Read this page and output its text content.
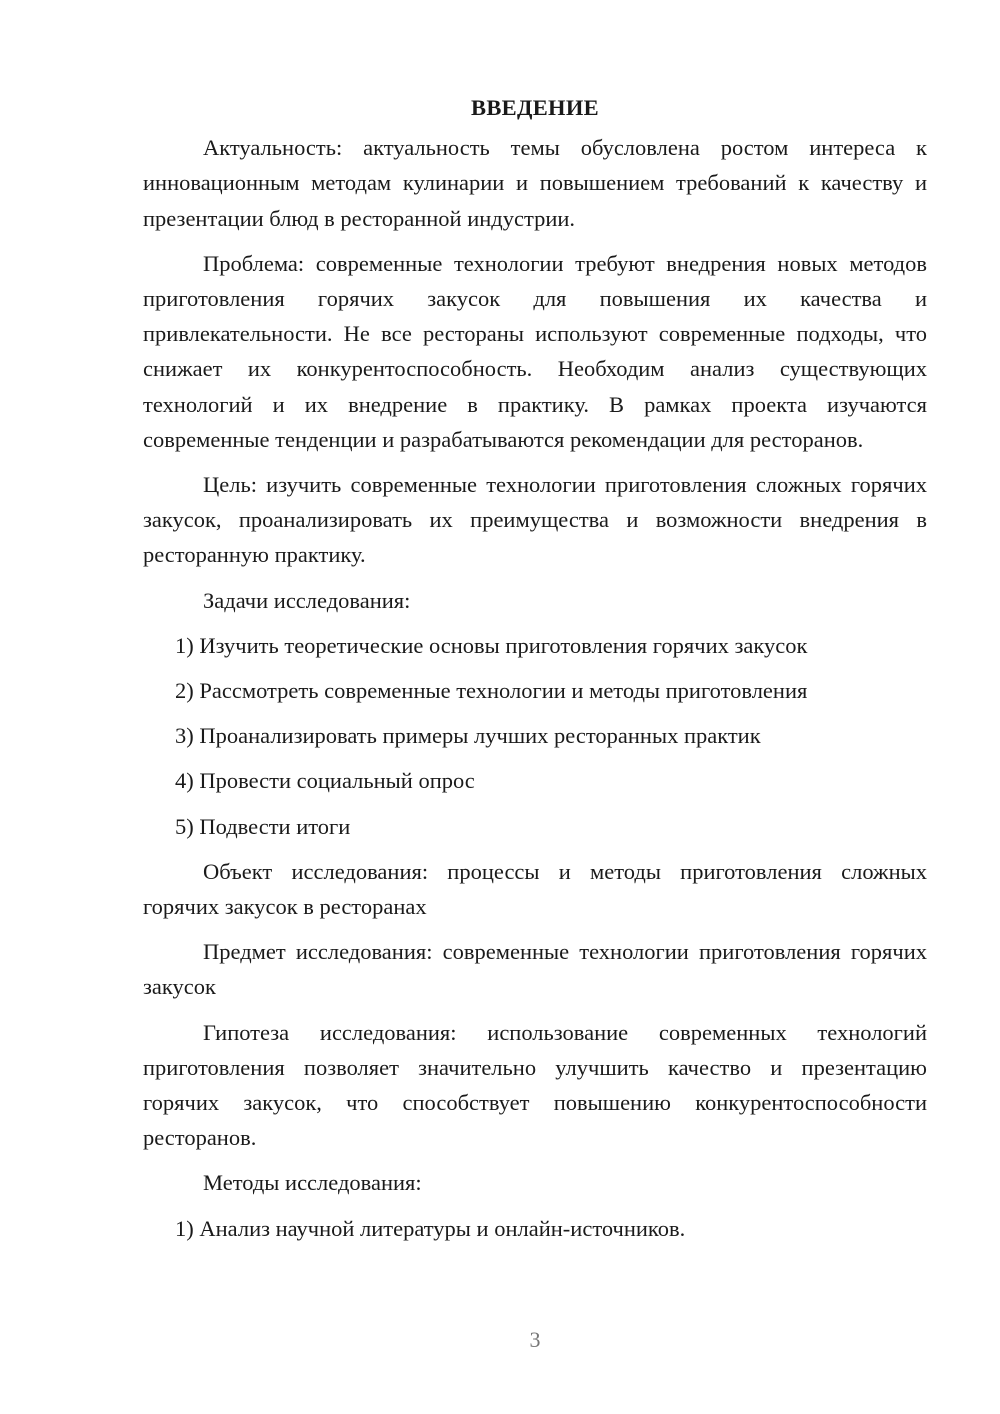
ВВЕДЕНИЕ

Актуальность: актуальность темы обусловлена ростом интереса к инновационным методам кулинарии и повышением требований к качеству и презентации блюд в ресторанной индустрии.

Проблема: современные технологии требуют внедрения новых методов приготовления горячих закусок для повышения их качества и привлекательности. Не все рестораны используют современные подходы, что снижает их конкурентоспособность. Необходим анализ существующих технологий и их внедрение в практику. В рамках проекта изучаются современные тенденции и разрабатываются рекомендации для ресторанов.

Цель: изучить современные технологии приготовления сложных горячих закусок, проанализировать их преимущества и возможности внедрения в ресторанную практику.

Задачи исследования:

1) Изучить теоретические основы приготовления горячих закусок
2) Рассмотреть современные технологии и методы приготовления
3) Проанализировать примеры лучших ресторанных практик
4) Провести социальный опрос
5) Подвести итоги

Объект исследования: процессы и методы приготовления сложных горячих закусок в ресторанах

Предмет исследования: современные технологии приготовления горячих закусок

Гипотеза исследования: использование современных технологий приготовления позволяет значительно улучшить качество и презентацию горячих закусок, что способствует повышению конкурентоспособности ресторанов.

Методы исследования:

1) Анализ научной литературы и онлайн-источников.
3
